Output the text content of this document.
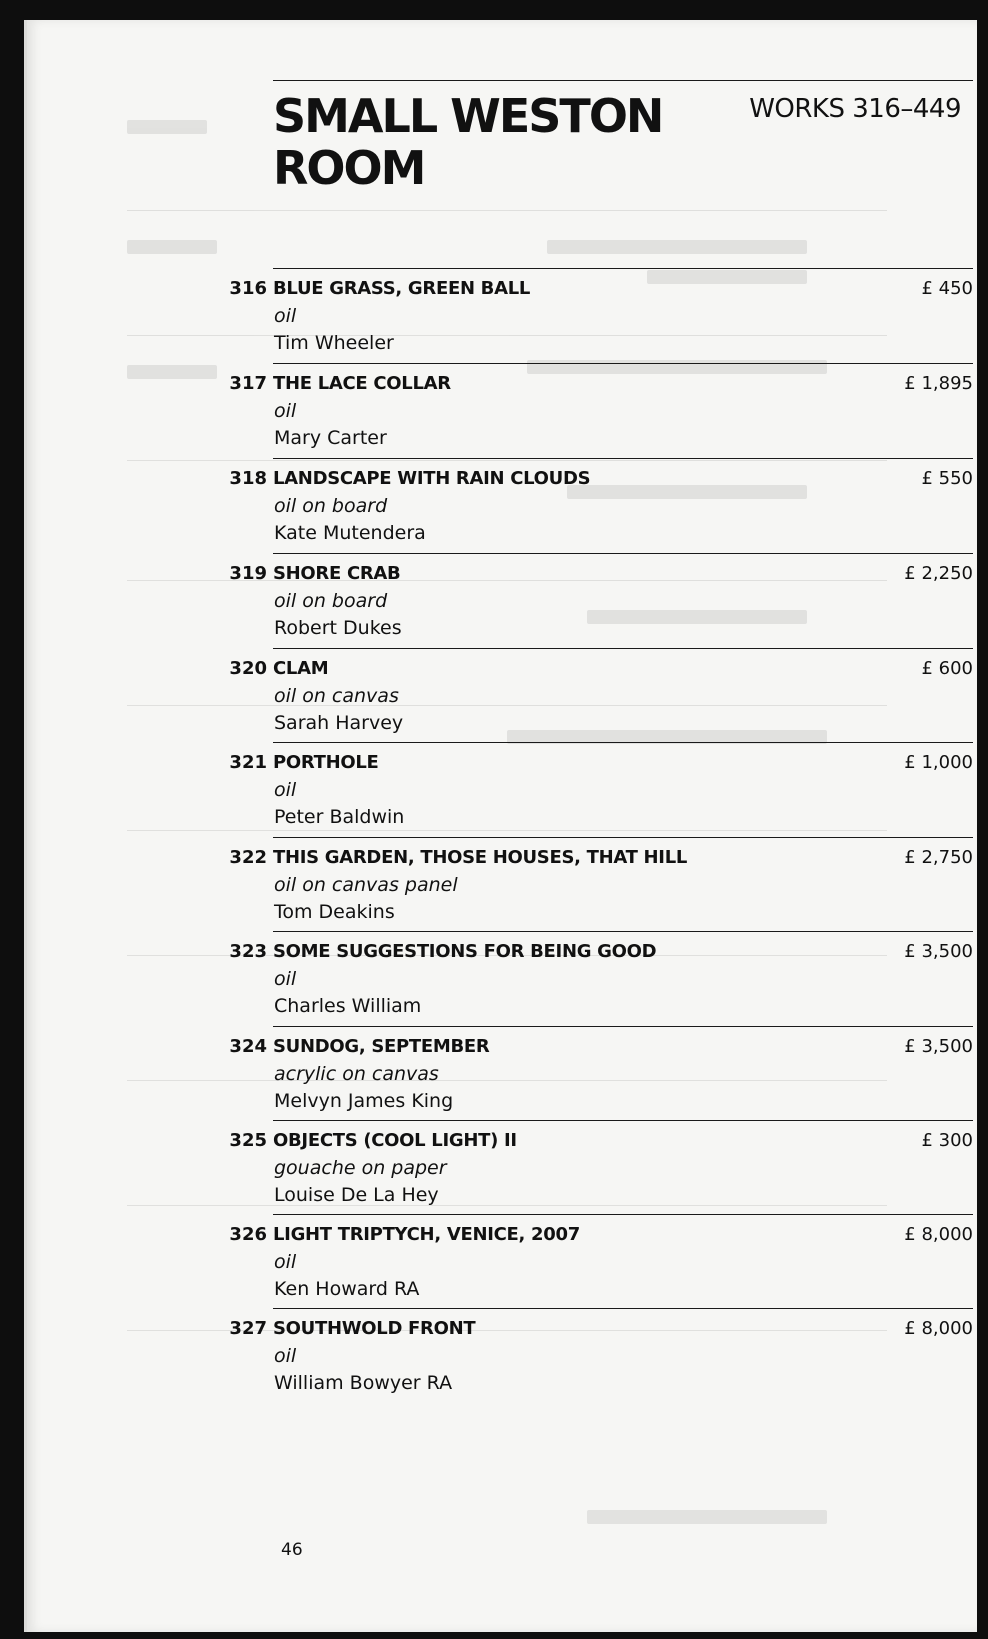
SMALL WESTON
ROOM
WORKS 316–449
316 BLUE GRASS, GREEN BALL
oil
Tim Wheeler
£ 450
317 THE LACE COLLAR
oil
Mary Carter
£ 1,895
318 LANDSCAPE WITH RAIN CLOUDS
oil on board
Kate Mutendera
£ 550
319 SHORE CRAB
oil on board
Robert Dukes
£ 2,250
320 CLAM
oil on canvas
Sarah Harvey
£ 600
321 PORTHOLE
oil
Peter Baldwin
£ 1,000
322 THIS GARDEN, THOSE HOUSES, THAT HILL
oil on canvas panel
Tom Deakins
£ 2,750
323 SOME SUGGESTIONS FOR BEING GOOD
oil
Charles William
£ 3,500
324 SUNDOG, SEPTEMBER
acrylic on canvas
Melvyn James King
£ 3,500
325 OBJECTS (COOL LIGHT) II
gouache on paper
Louise De La Hey
£ 300
326 LIGHT TRIPTYCH, VENICE, 2007
oil
Ken Howard RA
£ 8,000
327 SOUTHWOLD FRONT
oil
William Bowyer RA
£ 8,000
46
